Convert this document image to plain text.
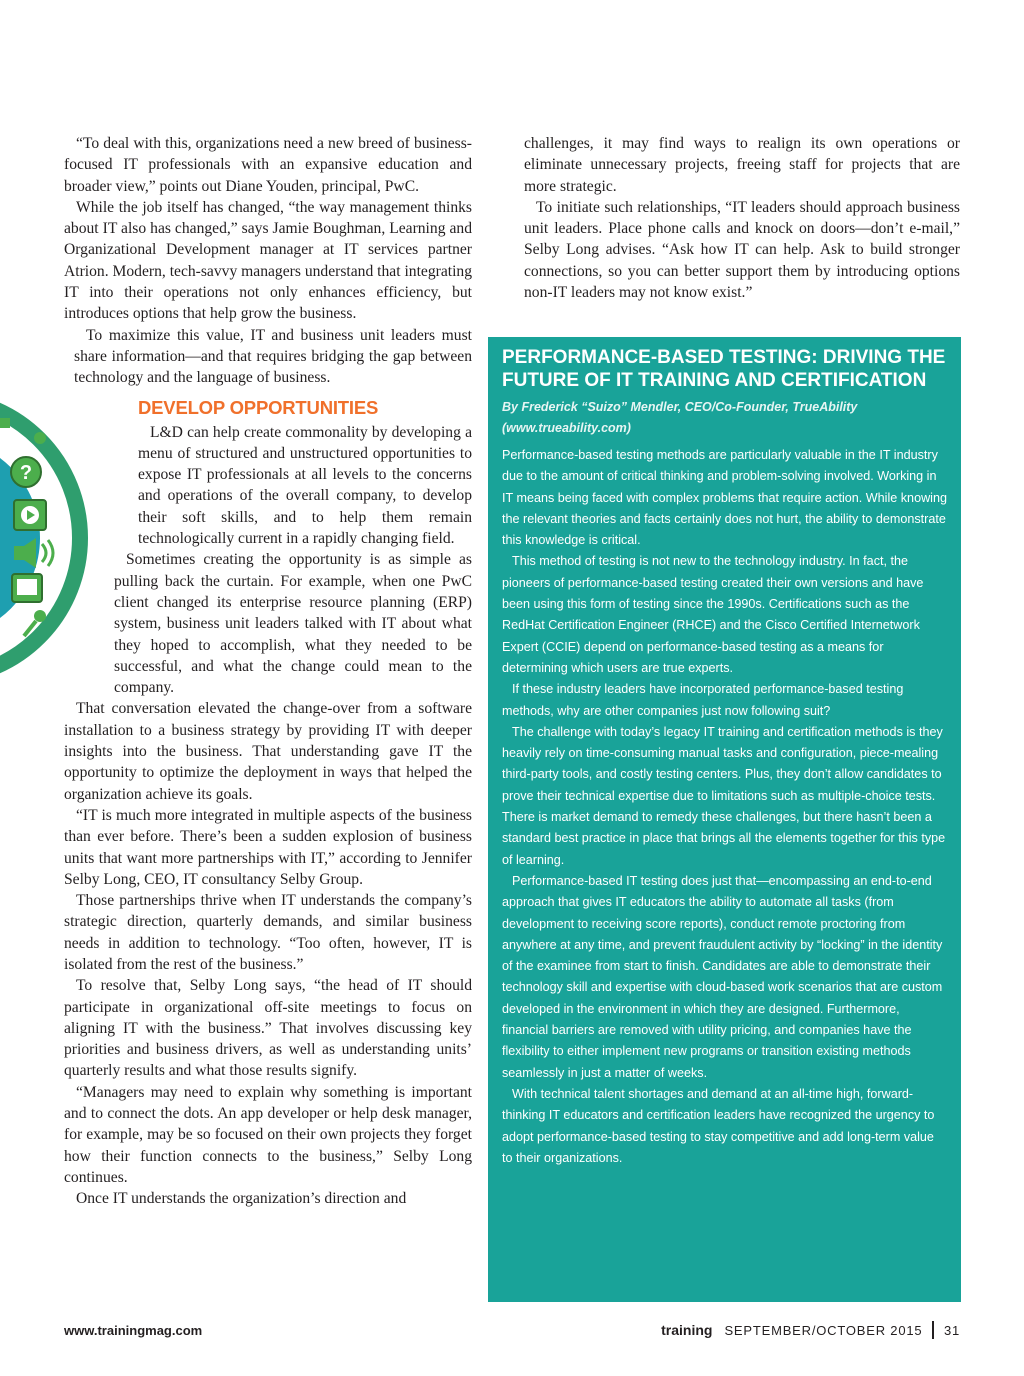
?

“To deal with this, organizations need a new breed of business-focused IT professionals with an expansive education and broader view,” points out Diane Youden, principal, PwC.

While the job itself has changed, “the way management thinks about IT also has changed,” says Jamie Boughman, Learning and Organizational Development manager at IT services partner Atrion. Modern, tech-savvy managers understand that integrating IT into their operations not only enhances efficiency, but introduces options that help grow the business.

To maximize this value, IT and business unit leaders must share information—and that requires bridging the gap between technology and the language of business.

DEVELOP OPPORTUNITIES

L&D can help create commonality by developing a menu of structured and unstructured opportunities to expose IT professionals at all levels to the concerns and operations of the overall company, to develop their soft skills, and to help them remain technologically current in a rapidly changing field.

Sometimes creating the opportunity is as simple as pulling back the curtain. For example, when one PwC client changed its enterprise resource planning (ERP) system, business unit leaders talked with IT about what they hoped to accomplish, what they needed to be successful, and what the change could mean to the company.

That conversation elevated the change-over from a software installation to a business strategy by providing IT with deeper insights into the business. That understanding gave IT the opportunity to optimize the deployment in ways that helped the organization achieve its goals.

“IT is much more integrated in multiple aspects of the business than ever before. There’s been a sudden explosion of business units that want more partnerships with IT,” according to Jennifer Selby Long, CEO, IT consultancy Selby Group.

Those partnerships thrive when IT understands the company’s strategic direction, quarterly demands, and similar business needs in addition to technology. “Too often, however, IT is isolated from the rest of the business.”

To resolve that, Selby Long says, “the head of IT should participate in organizational off-site meetings to focus on aligning IT with the business.” That involves discussing key priorities and business drivers, as well as understanding units’ quarterly results and what those results signify.

“Managers may need to explain why something is important and to connect the dots. An app developer or help desk manager, for example, may be so focused on their own projects they forget how their function connects to the business,” Selby Long continues.

Once IT understands the organization’s direction and

challenges, it may find ways to realign its own operations or eliminate unnecessary projects, freeing staff for projects that are more strategic.

To initiate such relationships, “IT leaders should approach business unit leaders. Place phone calls and knock on doors—don’t e-mail,” Selby Long advises. “Ask how IT can help. Ask to build stronger connections, so you can better support them by introducing options non-IT leaders may not know exist.”

PERFORMANCE-BASED TESTING: DRIVING THE FUTURE OF IT TRAINING AND CERTIFICATION
By Frederick “Suizo” Mendler, CEO/Co-Founder, TrueAbility (www.trueability.com)

Performance-based testing methods are particularly valuable in the IT industry due to the amount of critical thinking and problem-solving involved. Working in IT means being faced with complex problems that require action. While knowing the relevant theories and facts certainly does not hurt, the ability to demonstrate this knowledge is critical.

This method of testing is not new to the technology industry. In fact, the pioneers of performance-based testing created their own versions and have been using this form of testing since the 1990s. Certifications such as the RedHat Certification Engineer (RHCE) and the Cisco Certified Internetwork Expert (CCIE) depend on performance-based testing as a means for determining which users are true experts.

If these industry leaders have incorporated performance-based testing methods, why are other companies just now following suit?

The challenge with today’s legacy IT training and certification methods is they heavily rely on time-consuming manual tasks and configuration, piece-mealing third-party tools, and costly testing centers. Plus, they don’t allow candidates to prove their technical expertise due to limitations such as multiple-choice tests. There is market demand to remedy these challenges, but there hasn’t been a standard best practice in place that brings all the elements together for this type of learning.

Performance-based IT testing does just that—encompassing an end-to-end approach that gives IT educators the ability to automate all tasks (from development to receiving score reports), conduct remote proctoring from anywhere at any time, and prevent fraudulent activity by “locking” in the identity of the examinee from start to finish. Candidates are able to demonstrate their technology skill and expertise with cloud-based work scenarios that are custom developed in the environment in which they are designed. Furthermore, financial barriers are removed with utility pricing, and companies have the flexibility to either implement new programs or transition existing methods seamlessly in just a matter of weeks.

With technical talent shortages and demand at an all-time high, forward-thinking IT educators and certification leaders have recognized the urgency to adopt performance-based testing to stay competitive and add long-term value to their organizations.

www.trainingmag.com	training SEPTEMBER/OCTOBER 2015 31
